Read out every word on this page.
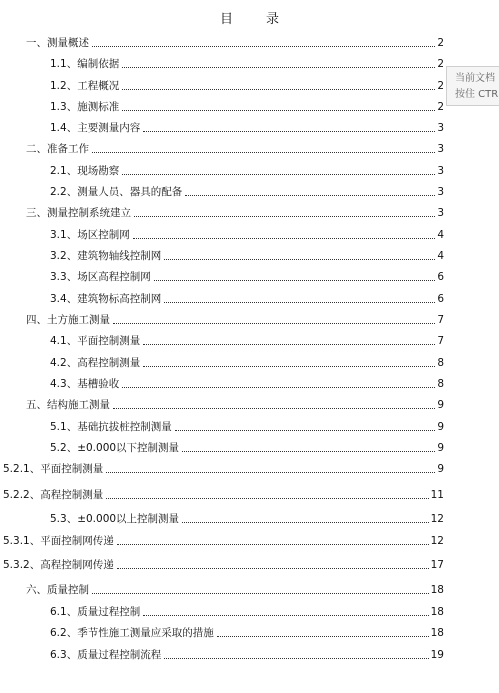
目　录
一、测量概述	2
1.1、编制依据	2
1.2、工程概况	2
1.3、施测标准	2
1.4、主要测量内容	3
二、准备工作	3
2.1、现场勘察	3
2.2、测量人员、器具的配备	3
三、测量控制系统建立	3
3.1、场区控制网	4
3.2、建筑物轴线控制网	4
3.3、场区高程控制网	6
3.4、建筑物标高控制网	6
四、土方施工测量	7
4.1、平面控制测量	7
4.2、高程控制测量	8
4.3、基槽验收	8
五、结构施工测量	9
5.1、基础抗拔桩控制测量	9
5.2、±0.000以下控制测量	9
5.2.1、平面控制测量	9
5.2.2、高程控制测量	11
5.3、±0.000以上控制测量	12
5.3.1、平面控制网传递	12
5.3.2、高程控制网传递	17
六、质量控制	18
6.1、质量过程控制	18
6.2、季节性施工测量应采取的措施	18
6.3、质量过程控制流程	19
当前文档
按住 CTR
